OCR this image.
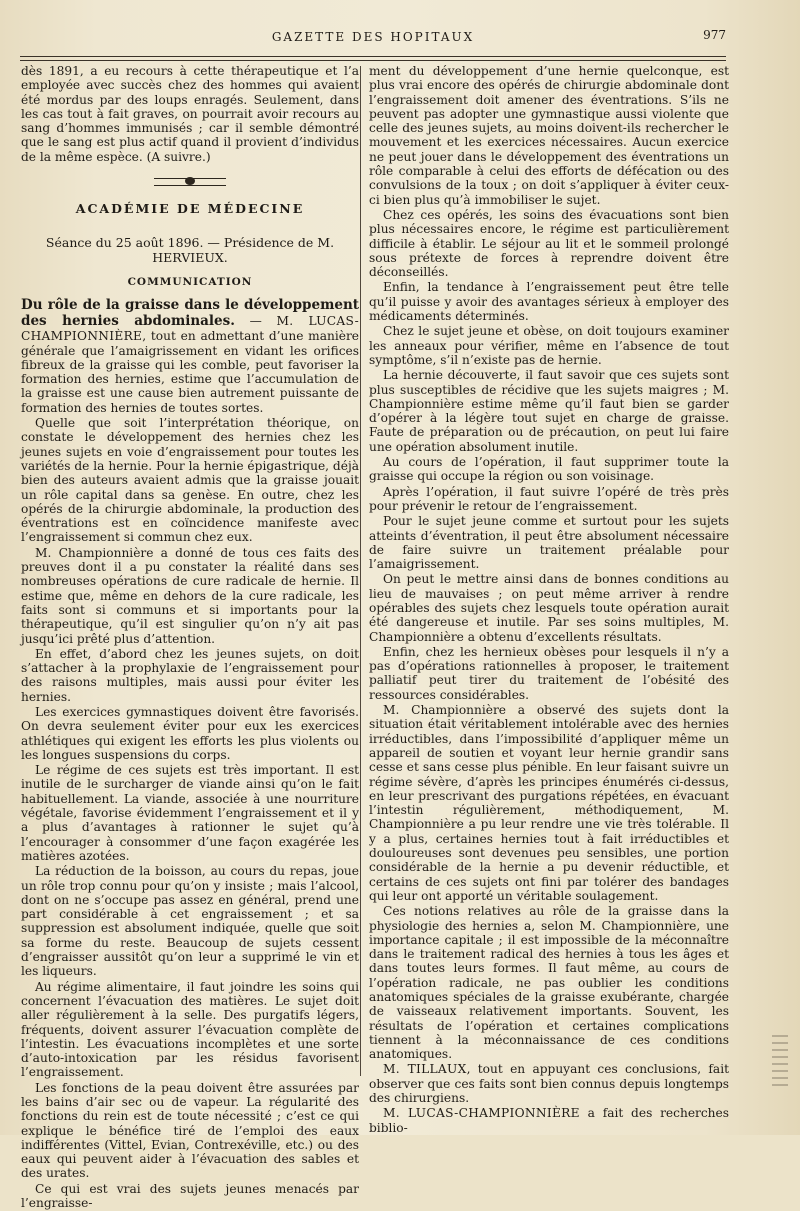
GAZETTE DES HOPITAUX	977

dès 1891, a eu recours à cette thérapeutique et l’a employée avec succès chez des hommes qui avaient été mordus par des loups enragés. Seulement, dans les cas tout à fait graves, on pourrait avoir recours au sang d’hommes immunisés ; car il semble démontré que le sang est plus actif quand il provient d’individus de la même espèce. (A suivre.)

ACADÉMIE DE MÉDECINE
Séance du 25 août 1896. — Présidence de M. HERVIEUX.
COMMUNICATION

Du rôle de la graisse dans le développement des hernies abdominales. — M. LUCAS-CHAMPIONNIÈRE, tout en admettant d’une manière générale que l’amaigrissement en vidant les orifices fibreux de la graisse qui les comble, peut favoriser la formation des hernies, estime que l’accumulation de la graisse est une cause bien autrement puissante de formation des hernies de toutes sortes.

Quelle que soit l’interprétation théorique, on constate le développement des hernies chez les jeunes sujets en voie d’engraissement pour toutes les variétés de la hernie. Pour la hernie épigastrique, déjà bien des auteurs avaient admis que la graisse jouait un rôle capital dans sa genèse. En outre, chez les opérés de la chirurgie abdominale, la production des éventrations est en coïncidence manifeste avec l’engraissement si commun chez eux.

M. Championnière a donné de tous ces faits des preuves dont il a pu constater la réalité dans ses nombreuses opérations de cure radicale de hernie. Il estime que, même en dehors de la cure radicale, les faits sont si communs et si importants pour la thérapeutique, qu’il est singulier qu’on n’y ait pas jusqu’ici prêté plus d’attention.

En effet, d’abord chez les jeunes sujets, on doit s’attacher à la prophylaxie de l’engraissement pour des raisons multiples, mais aussi pour éviter les hernies.

Les exercices gymnastiques doivent être favorisés. On devra seulement éviter pour eux les exercices athlétiques qui exigent les efforts les plus violents ou les longues suspensions du corps.

Le régime de ces sujets est très important. Il est inutile de le surcharger de viande ainsi qu’on le fait habituellement. La viande, associée à une nourriture végétale, favorise évidemment l’engraissement et il y a plus d’avantages à rationner le sujet qu’à l’encourager à consommer d’une façon exagérée les matières azotées.

La réduction de la boisson, au cours du repas, joue un rôle trop connu pour qu’on y insiste ; mais l’alcool, dont on ne s’occupe pas assez en général, prend une part considérable à cet engraissement ; et sa suppression est absolument indiquée, quelle que soit sa forme du reste. Beaucoup de sujets cessent d’engraisser aussitôt qu’on leur a supprimé le vin et les liqueurs.

Au régime alimentaire, il faut joindre les soins qui concernent l’évacuation des matières. Le sujet doit aller régulièrement à la selle. Des purgatifs légers, fréquents, doivent assurer l’évacuation complète de l’intestin. Les évacuations incomplètes et une sorte d’auto-intoxication par les résidus favorisent l’engraissement.

Les fonctions de la peau doivent être assurées par les bains d’air sec ou de vapeur. La régularité des fonctions du rein est de toute nécessité ; c’est ce qui explique le bénéfice tiré de l’emploi des eaux indifférentes (Vittel, Evian, Contrexéville, etc.) ou des eaux qui peuvent aider à l’évacuation des sables et des urates.

Ce qui est vrai des sujets jeunes menacés par l’engraisse-

ment du développement d’une hernie quelconque, est plus vrai encore des opérés de chirurgie abdominale dont l’engraissement doit amener des éventrations. S’ils ne peuvent pas adopter une gymnastique aussi violente que celle des jeunes sujets, au moins doivent-ils rechercher le mouvement et les exercices nécessaires. Aucun exercice ne peut jouer dans le développement des éventrations un rôle comparable à celui des efforts de défécation ou des convulsions de la toux ; on doit s’appliquer à éviter ceux-ci bien plus qu’à immobiliser le sujet.

Chez ces opérés, les soins des évacuations sont bien plus nécessaires encore, le régime est particulièrement difficile à établir. Le séjour au lit et le sommeil prolongé sous prétexte de forces à reprendre doivent être déconseillés.

Enfin, la tendance à l’engraissement peut être telle qu’il puisse y avoir des avantages sérieux à employer des médicaments déterminés.

Chez le sujet jeune et obèse, on doit toujours examiner les anneaux pour vérifier, même en l’absence de tout symptôme, s’il n’existe pas de hernie.

La hernie découverte, il faut savoir que ces sujets sont plus susceptibles de récidive que les sujets maigres ; M. Championnière estime même qu’il faut bien se garder d’opérer à la légère tout sujet en charge de graisse. Faute de préparation ou de précaution, on peut lui faire une opération absolument inutile.

Au cours de l’opération, il faut supprimer toute la graisse qui occupe la région ou son voisinage.

Après l’opération, il faut suivre l’opéré de très près pour prévenir le retour de l’engraissement.

Pour le sujet jeune comme et surtout pour les sujets atteints d’éventration, il peut être absolument nécessaire de faire suivre un traitement préalable pour l’amaigrissement.

On peut le mettre ainsi dans de bonnes conditions au lieu de mauvaises ; on peut même arriver à rendre opérables des sujets chez lesquels toute opération aurait été dangereuse et inutile. Par ses soins multiples, M. Championnière a obtenu d’excellents résultats.

Enfin, chez les hernieux obèses pour lesquels il n’y a pas d’opérations rationnelles à proposer, le traitement palliatif peut tirer du traitement de l’obésité des ressources considérables.

M. Championnière a observé des sujets dont la situation était véritablement intolérable avec des hernies irréductibles, dans l’impossibilité d’appliquer même un appareil de soutien et voyant leur hernie grandir sans cesse et sans cesse plus pénible. En leur faisant suivre un régime sévère, d’après les principes énumérés ci-dessus, en leur prescrivant des purgations répétées, en évacuant l’intestin régulièrement, méthodiquement, M. Championnière a pu leur rendre une vie très tolérable. Il y a plus, certaines hernies tout à fait irréductibles et douloureuses sont devenues peu sensibles, une portion considérable de la hernie a pu devenir réductible, et certains de ces sujets ont fini par tolérer des bandages qui leur ont apporté un véritable soulagement.

Ces notions relatives au rôle de la graisse dans la physiologie des hernies a, selon M. Championnière, une importance capitale ; il est impossible de la méconnaître dans le traitement radical des hernies à tous les âges et dans toutes leurs formes. Il faut même, au cours de l’opération radicale, ne pas oublier les conditions anatomiques spéciales de la graisse exubérante, chargée de vaisseaux relativement importants. Souvent, les résultats de l’opération et certaines complications tiennent à la méconnaissance de ces conditions anatomiques.

M. TILLAUX, tout en appuyant ces conclusions, fait observer que ces faits sont bien connus depuis longtemps des chirurgiens.

M. LUCAS-CHAMPIONNIÈRE a fait des recherches biblio-
